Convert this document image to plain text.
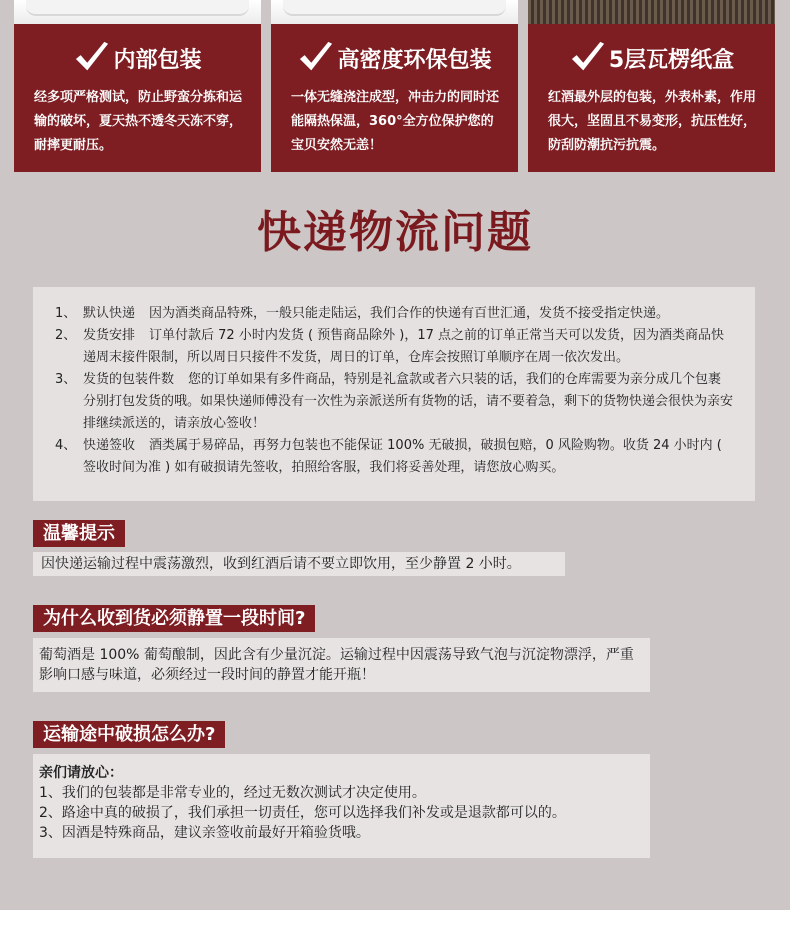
内部包装
经多项严格测试，防止野蛮分拣和运输的破坏，夏天热不透冬天冻不穿，耐摔更耐压。
高密度环保包装
一体无缝浇注成型，冲击力的同时还能隔热保温，360°全方位保护您的宝贝安然无恙！
5层瓦楞纸盒
红酒最外层的包装，外表朴素，作用很大，坚固且不易变形，抗压性好，防刮防潮抗污抗震。
快递物流问题
1、 默认快递 因为酒类商品特殊，一般只能走陆运，我们合作的快递有百世汇通，发货不接受指定快递。
2、 发货安排 订单付款后 72 小时内发货 ( 预售商品除外 )，17 点之前的订单正常当天可以发货，因为酒类商品快递周末接件限制，所以周日只接件不发货，周日的订单，仓库会按照订单顺序在周一依次发出。
3、 发货的包装件数 您的订单如果有多件商品，特别是礼盒款或者六只装的话，我们的仓库需要为亲分成几个包裹分别打包发货的哦。如果快递师傅没有一次性为亲派送所有货物的话，请不要着急，剩下的货物快递会很快为亲安排继续派送的，请亲放心签收！
4、 快递签收 酒类属于易碎品，再努力包装也不能保证 100% 无破损，破损包赔，0 风险购物。收货 24 小时内 ( 签收时间为准 ) 如有破损请先签收，拍照给客服，我们将妥善处理，请您放心购买。
温馨提示
因快递运输过程中震荡激烈，收到红酒后请不要立即饮用，至少静置 2 小时。
为什么收到货必须静置一段时间?
葡萄酒是 100% 葡萄酿制，因此含有少量沉淀。运输过程中因震荡导致气泡与沉淀物漂浮，严重影响口感与味道，必须经过一段时间的静置才能开瓶！
运输途中破损怎么办?
亲们请放心：
1、我们的包装都是非常专业的，经过无数次测试才决定使用。
2、路途中真的破损了，我们承担一切责任，您可以选择我们补发或是退款都可以的。
3、因酒是特殊商品，建议亲签收前最好开箱验货哦。
